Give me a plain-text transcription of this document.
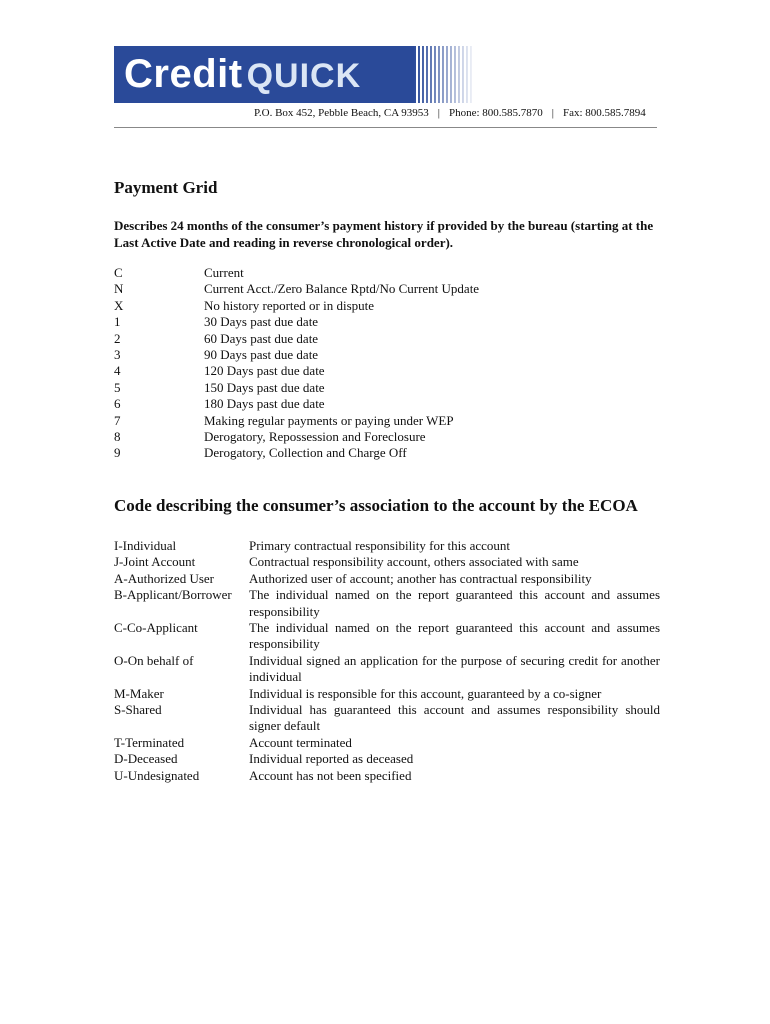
Credit QUICK
P.O. Box 452, Pebble Beach, CA 93953 | Phone: 800.585.7870 | Fax: 800.585.7894
Payment Grid
Describes 24 months of the consumer’s payment history if provided by the bureau (starting at the Last Active Date and reading in reverse chronological order).
C	Current
N	Current Acct./Zero Balance Rptd/No Current Update
X	No history reported or in dispute
1	30 Days past due date
2	60 Days past due date
3	90 Days past due date
4	120 Days past due date
5	150 Days past due date
6	180 Days past due date
7	Making regular payments or paying under WEP
8	Derogatory, Repossession and Foreclosure
9	Derogatory, Collection and Charge Off
Code describing the consumer’s association to the account by the ECOA
I-Individual	Primary contractual responsibility for this account
J-Joint Account	Contractual responsibility account, others associated with same
A-Authorized User	Authorized user of account; another has contractual responsibility
B-Applicant/Borrower	The individual named on the report guaranteed this account and assumes responsibility
C-Co-Applicant	The individual named on the report guaranteed this account and assumes responsibility
O-On behalf of	Individual signed an application for the purpose of securing credit for another individual
M-Maker	Individual is responsible for this account, guaranteed by a co-signer
S-Shared	Individual has guaranteed this account and assumes responsibility should signer default
T-Terminated	Account terminated
D-Deceased	Individual reported as deceased
U-Undesignated	Account has not been specified
